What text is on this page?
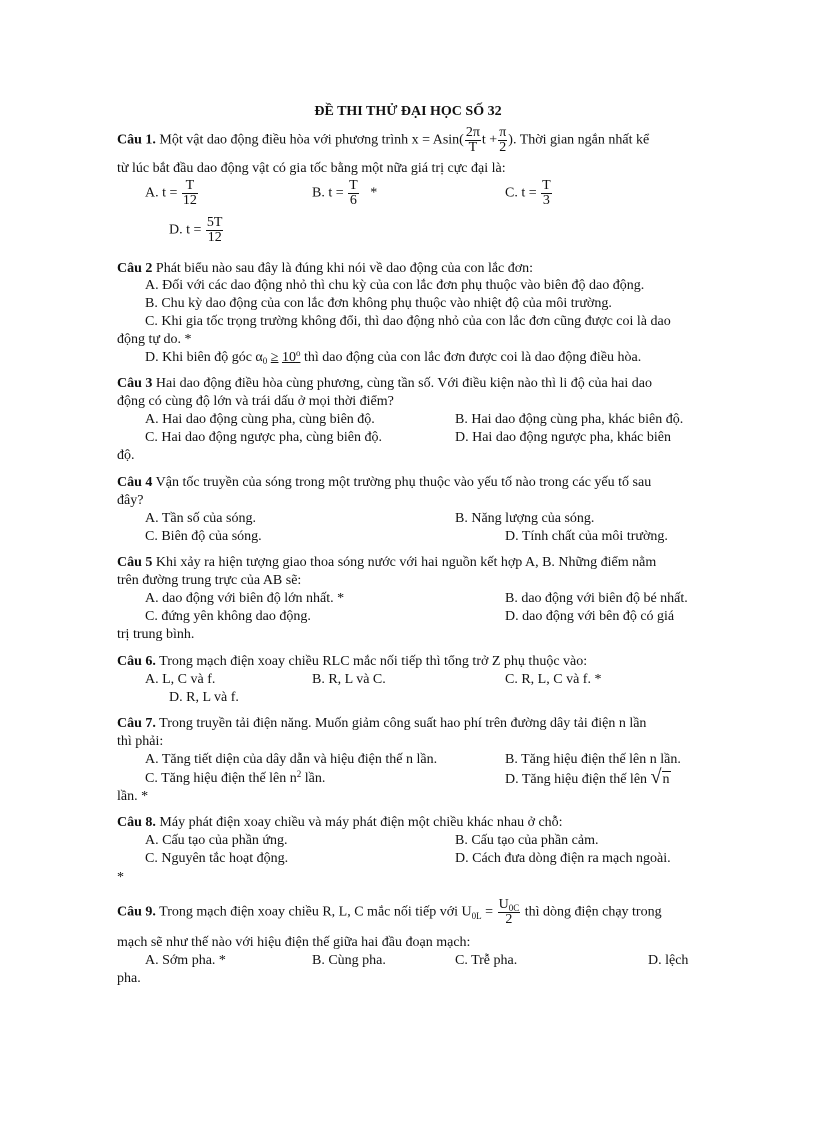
ĐỀ THI THỬ ĐẠI HỌC SỐ 32
Câu 1. Một vật dao động điều hòa với phương trình $x = Asin( \frac{2\pi}{T}$ $t + \frac{\pi}{2}$ ). Thời gian ngắn nhất kể
từ lúc bắt đầu dao động vật có gia tốc bằng một nữa giá trị cực đại là:
A. $t = \frac{T}{12}$	B. $t = \frac{T}{6}$ *	C. $t = \frac{T}{3}$
D. $t = \frac{5T}{12}$
Câu 2 Phát biểu nào sau đây là đúng khi nói về dao động của con lắc đơn:
A. Đối với các dao động nhỏ thì chu kỳ của con lắc đơn phụ thuộc vào biên độ dao động.
B. Chu kỳ dao động của con lắc đơn không phụ thuộc vào nhiệt độ của môi trường.
C. Khi gia tốc trọng trường không đổi, thì dao động nhỏ của con lắc đơn cũng được coi là dao
động tự do. *
D. Khi biên độ góc $\alpha_0 \ge 10^o$ thì dao động của con lắc đơn được coi là dao động điều hòa.
Câu 3 Hai dao động điều hòa cùng phương, cùng tần số. Với điều kiện nào thì li độ của hai dao
động có cùng độ lớn và trái dấu ở mọi thời điểm?
A. Hai dao động cùng pha, cùng biên độ.	B. Hai dao động cùng pha, khác biên độ.
C. Hai dao động ngược pha, cùng biên độ.	D. Hai dao động ngược pha, khác biên
độ.
Câu 4 Vận tốc truyền của sóng trong một trường phụ thuộc vào yếu tố nào trong các yếu tố sau
đây?
A. Tần số của sóng.	B. Năng lượng của sóng.
C. Biên độ của sóng.	D. Tính chất của môi trường.
Câu 5 Khi xảy ra hiện tượng giao thoa sóng nước với hai nguồn kết hợp A, B. Những điểm nằm
trên đường trung trực của AB sẽ:
A. dao động với biên độ lớn nhất. *	B. dao động với biên độ bé nhất.
C. đứng yên không dao động.	D. dao động với bên độ có giá
trị trung bình.
Câu 6. Trong mạch điện xoay chiều RLC mắc nối tiếp thì tổng trở Z phụ thuộc vào:
A. L, C và f.	B. R, L và C.	C. R, L, C và f. *
D. R, L và f.
Câu 7. Trong truyền tải điện năng. Muốn giảm công suất hao phí trên đường dây tải điện n lần
thì phải:
A. Tăng tiết diện của dây dẫn và hiệu điện thế n lần.	B. Tăng hiệu điện thế lên n lần.
C. Tăng hiệu điện thế lên $n^2$ lần.	D. Tăng hiệu điện thế lên √n
lần. *
Câu 8. Máy phát điện xoay chiều và máy phát điện một chiều khác nhau ở chỗ:
A. Cấu tạo của phần ứng.	B. Cấu tạo của phần cảm.
C. Nguyên tắc hoạt động.	D. Cách đưa dòng điện ra mạch ngoài.
*
Câu 9. Trong mạch điện xoay chiều R, L, C mắc nối tiếp với $U_{0L} = \frac{U_{0C}}{2}$ thì dòng điện chạy trong
mạch sẽ như thế nào với hiệu điện thế giữa hai đầu đoạn mạch:
A. Sớm pha. *	B. Cùng pha.	C. Trễ pha.	D. lệch
pha.
